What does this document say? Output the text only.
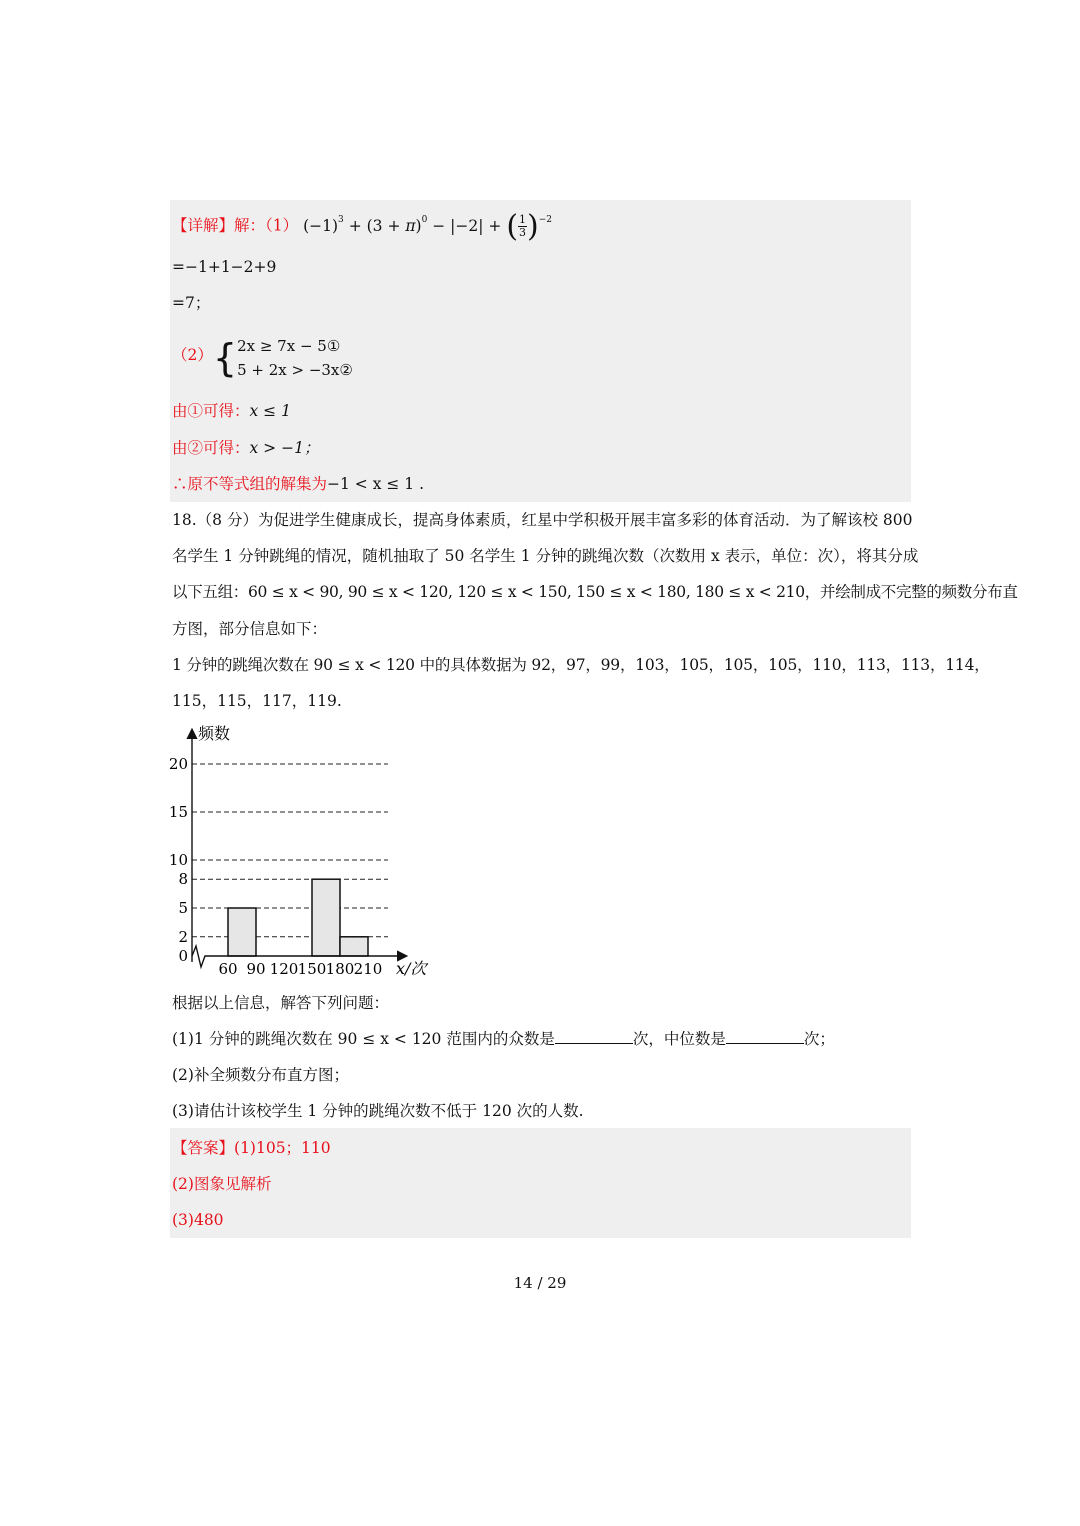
【详解】解：（1） $(-1)^3 + (3 + \pi)^0 - |-2|$ + ( $\frac{1}{3})^{-2}$
=−1+1−2+9
=7；
（2）{ 2x ≥ 7x − 5①
5 + 2x > −3x②
由①可得：x ≤ 1
由②可得：x > −1；
∴原不等式组的解集为−1 < x ≤ 1 .
18.（8 分）为促进学生健康成长，提高身体素质，红星中学积极开展丰富多彩的体育活动．为了解该校 800
名学生 1 分钟跳绳的情况，随机抽取了 50 名学生 1 分钟的跳绳次数（次数用 x 表示，单位：次），将其分成
以下五组：60 ≤ x < 90, 90 ≤ x < 120, 120 ≤ x < 150, 150 ≤ x < 180, 180 ≤ x < 210，并绘制成不完整的频数分布直
方图，部分信息如下：
1 分钟的跳绳次数在 90 ≤ x < 120 中的具体数据为 92，97，99，103，105，105，105，110，113，113，114，
115，115，117，119.
0
2
5
8
10
15
20
60 90 120 150 180 210
频数
x/次
根据以上信息，解答下列问题：
(1)1 分钟的跳绳次数在 90 ≤ x < 120 范围内的众数是	次，中位数是	次；
(2)补全频数分布直方图；
(3)请估计该校学生 1 分钟的跳绳次数不低于 120 次的人数.
【答案】(1)105；110
(2)图象见解析
(3)480
14 / 29
